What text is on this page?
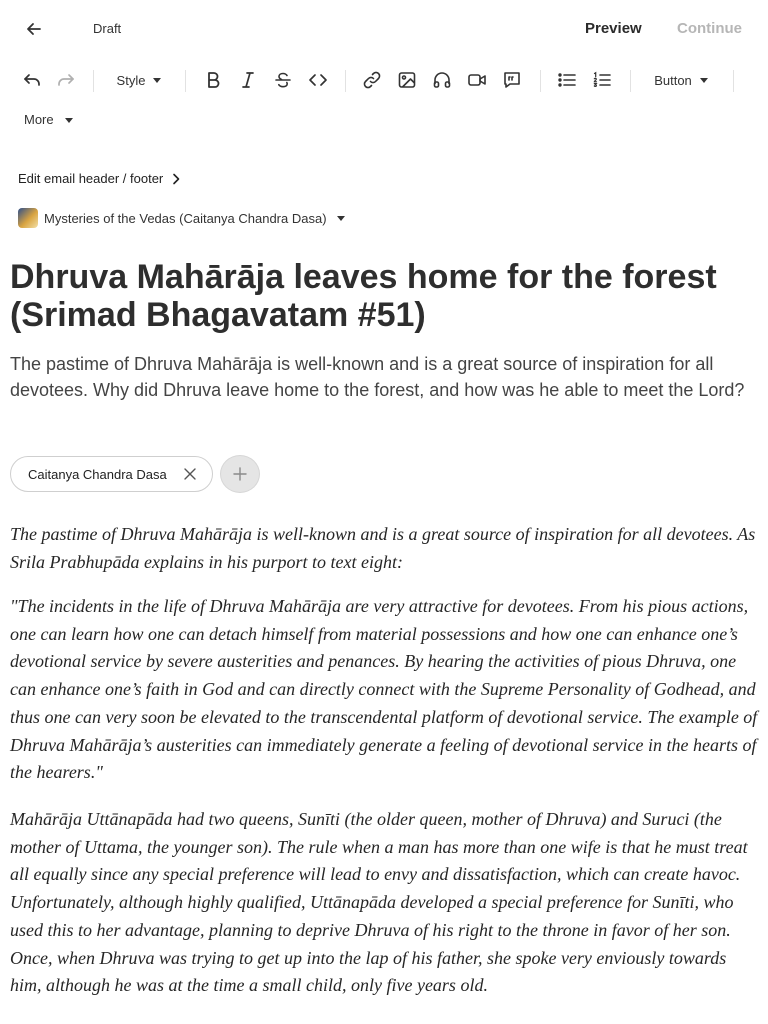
Draft	Preview Continue
Style	Button
More
Edit email header / footer
Mysteries of the Vedas (Caitanya Chandra Dasa)
Dhruva Mahārāja leaves home for the forest (Srimad Bhagavatam #51)
The pastime of Dhruva Mahārāja is well-known and is a great source of inspiration for all devotees. Why did Dhruva leave home to the forest, and how was he able to meet the Lord?
Caitanya Chandra Dasa
The pastime of Dhruva Mahārāja is well-known and is a great source of inspiration for all devotees. As Srila Prabhupāda explains in his purport to text eight:
"The incidents in the life of Dhruva Mahārāja are very attractive for devotees. From his pious actions, one can learn how one can detach himself from material possessions and how one can enhance one’s devotional service by severe austerities and penances. By hearing the activities of pious Dhruva, one can enhance one’s faith in God and can directly connect with the Supreme Personality of Godhead, and thus one can very soon be elevated to the transcendental platform of devotional service. The example of Dhruva Mahārāja’s austerities can immediately generate a feeling of devotional service in the hearts of the hearers."
Mahārāja Uttānapāda had two queens, Sunīti (the older queen, mother of Dhruva) and Suruci (the mother of Uttama, the younger son). The rule when a man has more than one wife is that he must treat all equally since any special preference will lead to envy and dissatisfaction, which can create havoc. Unfortunately, although highly qualified, Uttānapāda developed a special preference for Sunīti, who used this to her advantage, planning to deprive Dhruva of his right to the throne in favor of her son. Once, when Dhruva was trying to get up into the lap of his father, she spoke very enviously towards him, although he was at the time a small child, only five years old.
